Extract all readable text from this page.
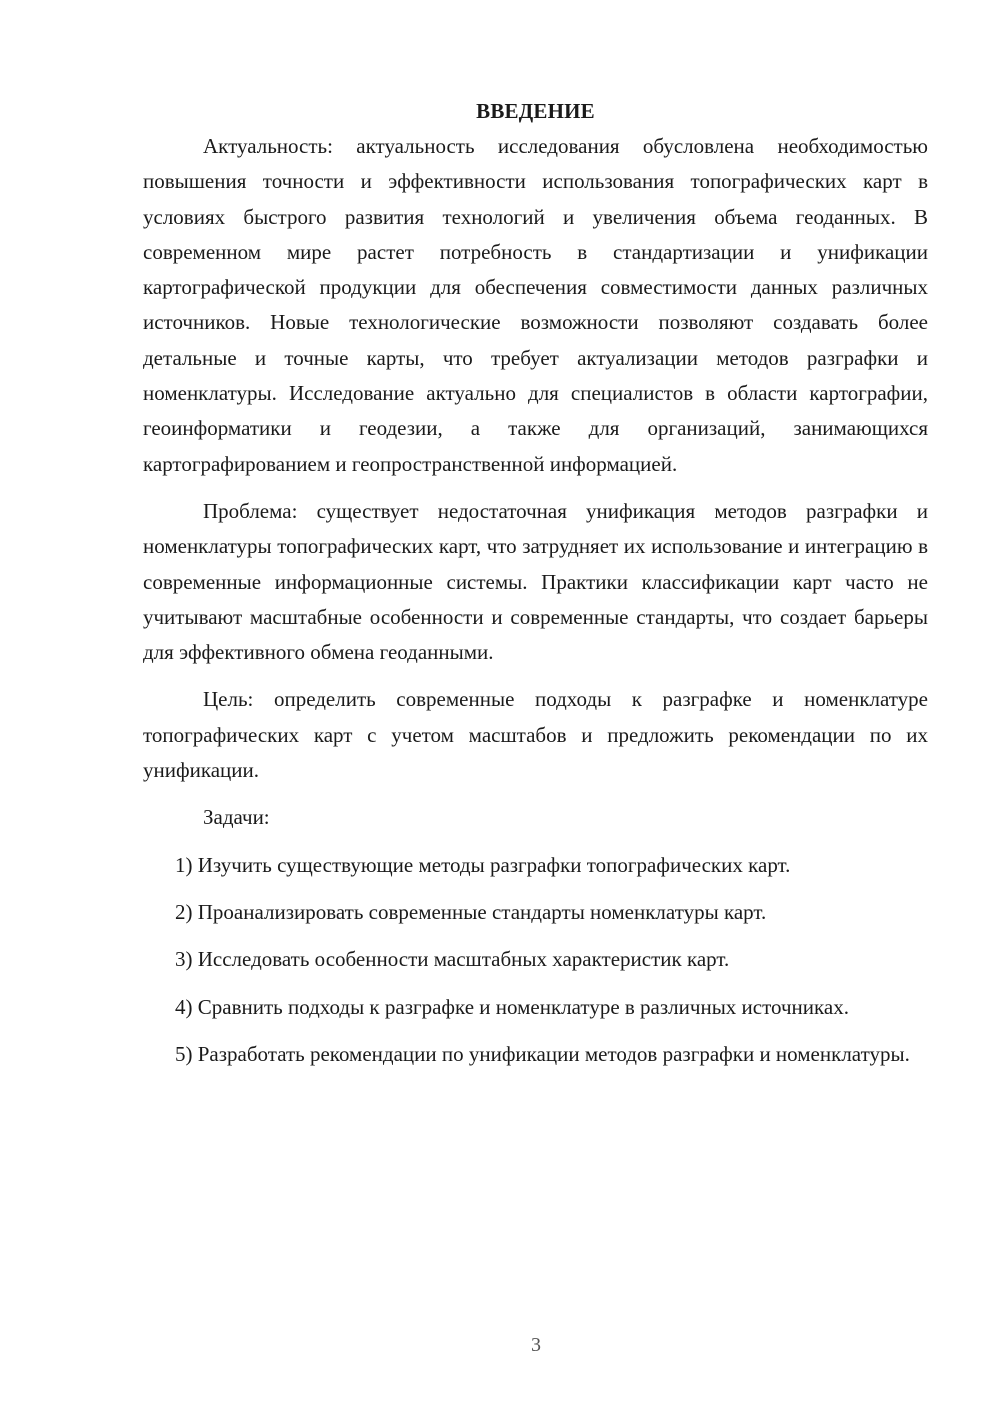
ВВЕДЕНИЕ

Актуальность: актуальность исследования обусловлена необходимостью повышения точности и эффективности использования топографических карт в условиях быстрого развития технологий и увеличения объема геоданных. В современном мире растет потребность в стандартизации и унификации картографической продукции для обеспечения совместимости данных различных источников. Новые технологические возможности позволяют создавать более детальные и точные карты, что требует актуализации методов разграфки и номенклатуры. Исследование актуально для специалистов в области картографии, геоинформатики и геодезии, а также для организаций, занимающихся картографированием и геопространственной информацией.

Проблема: существует недостаточная унификация методов разграфки и номенклатуры топографических карт, что затрудняет их использование и интеграцию в современные информационные системы. Практики классификации карт часто не учитывают масштабные особенности и современные стандарты, что создает барьеры для эффективного обмена геоданными.

Цель: определить современные подходы к разграфке и номенклатуре топографических карт с учетом масштабов и предложить рекомендации по их унификации.

Задачи:

1) Изучить существующие методы разграфки топографических карт.

2) Проанализировать современные стандарты номенклатуры карт.

3) Исследовать особенности масштабных характеристик карт.

4) Сравнить подходы к разграфке и номенклатуре в различных источниках.

5) Разработать рекомендации по унификации методов разграфки и номенклатуры.

3
